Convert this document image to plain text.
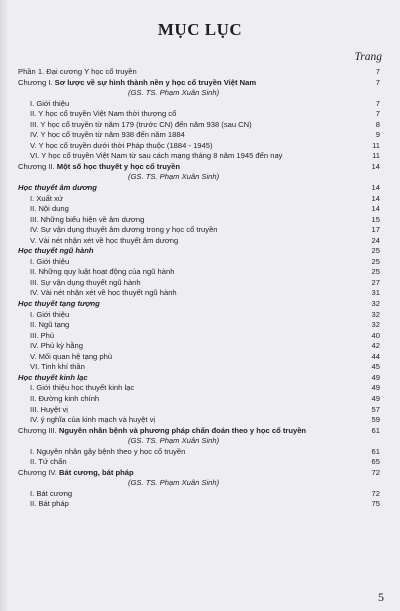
MỤC LỤC
Trang
Phần 1. Đại cương Y học cổ truyền	7
Chương I. Sơ lược về sự hình thành nền y học cổ truyền Việt Nam	7
(GS. TS. Phạm Xuân Sinh)
I. Giới thiệu	7
II. Y học cổ truyền Việt Nam thời thượng cổ	7
III. Y học cổ truyền từ năm 179 (trước CN) đến năm 938 (sau CN)	8
IV. Y học cổ truyền từ năm 938 đến năm 1884	9
V. Y học cổ truyền dưới thời Pháp thuộc (1884 - 1945)	11
VI. Y học cổ truyền Việt Nam từ sau cách mạng tháng 8 năm 1945 đến nay	11
Chương II. Một số học thuyết y học cổ truyền	14
(GS. TS. Phạm Xuân Sinh)
Học thuyết âm dương	14
I. Xuất xứ	14
II. Nội dung	14
III. Những biểu hiện về âm dương	15
IV. Sự vận dụng thuyết âm dương trong y học cổ truyền	17
V. Vài nét nhận xét về học thuyết âm dương	24
Học thuyết ngũ hành	25
I. Giới thiệu	25
II. Những quy luật hoạt động của ngũ hành	25
III. Sự vận dụng thuyết ngũ hành	27
IV. Vài nét nhận xét về học thuyết ngũ hành	31
Học thuyết tạng tượng	32
I. Giới thiệu	32
II. Ngũ tạng	32
III. Phủ	40
IV. Phủ kỳ hằng	42
V. Mối quan hệ tạng phủ	44
VI. Tinh khí thần	45
Học thuyết kinh lạc	49
I. Giới thiệu học thuyết kinh lạc	49
II. Đường kinh chính	49
III. Huyệt vị	57
IV. ý nghĩa của kinh mạch và huyệt vị	59
Chương III. Nguyên nhân bệnh và phương pháp chẩn đoán theo y học cổ truyền	61
(GS. TS. Phạm Xuân Sinh)
I. Nguyên nhân gây bệnh theo y học cổ truyền	61
II. Tứ chẩn	65
Chương IV. Bát cương, bát pháp	72
(GS. TS. Phạm Xuân Sinh)
I. Bát cương	72
II. Bát pháp	75
5
